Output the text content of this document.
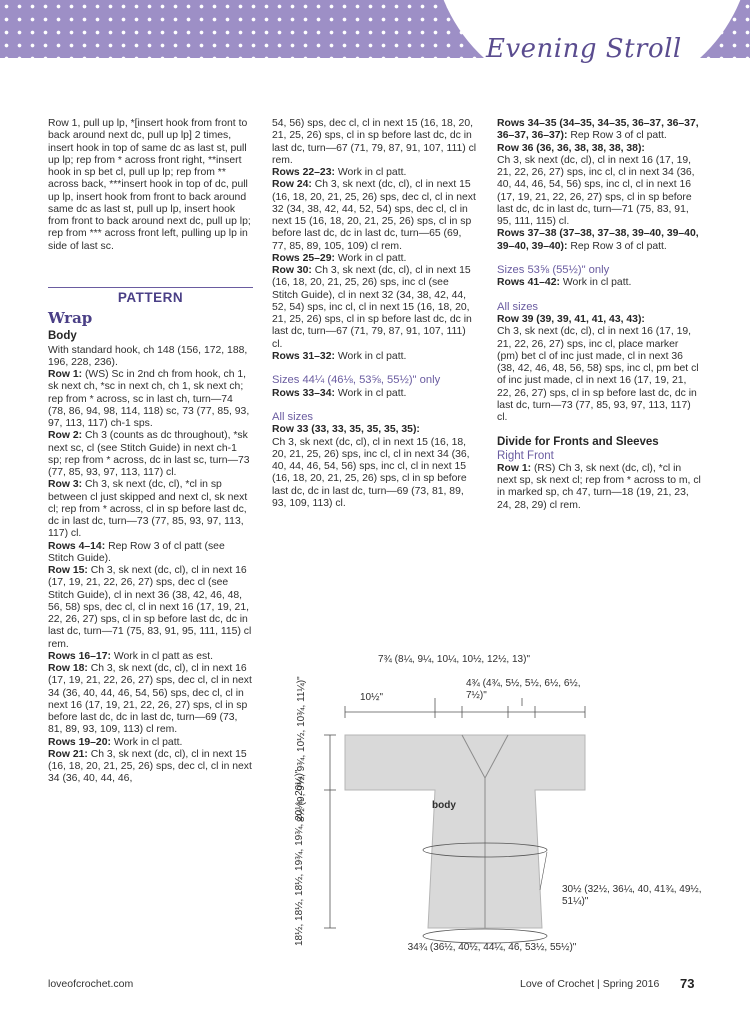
Evening Stroll

Row 1, pull up lp, *[insert hook from front to back around next dc, pull up lp] 2 times, insert hook in top of same dc as last st, pull up lp; rep from * across front right, **insert hook in sp bet cl, pull up lp; rep from ** across back, ***insert hook in top of dc, pull up lp, insert hook from front to back around same dc as last st, pull up lp, insert hook from front to back around next dc, pull up lp; rep from *** across front left, pulling up lp in side of last sc.

PATTERN
Wrap
Body

With standard hook, ch 148 (156, 172, 188, 196, 228, 236).

Row 1: (WS) Sc in 2nd ch from hook, ch 1, sk next ch, *sc in next ch, ch 1, sk next ch; rep from * across, sc in last ch, turn—74 (78, 86, 94, 98, 114, 118) sc, 73 (77, 85, 93, 97, 113, 117) ch-1 sps.

Row 2: Ch 3 (counts as dc throughout), *sk next sc, cl (see Stitch Guide) in next ch-1 sp; rep from * across, dc in last sc, turn—73 (77, 85, 93, 97, 113, 117) cl.

Row 3: Ch 3, sk next (dc, cl), *cl in sp between cl just skipped and next cl, sk next cl; rep from * across, cl in sp before last dc, dc in last dc, turn—73 (77, 85, 93, 97, 113, 117) cl.

Rows 4–14: Rep Row 3 of cl patt (see Stitch Guide).

Row 15: Ch 3, sk next (dc, cl), cl in next 16 (17, 19, 21, 22, 26, 27) sps, dec cl (see Stitch Guide), cl in next 36 (38, 42, 46, 48, 56, 58) sps, dec cl, cl in next 16 (17, 19, 21, 22, 26, 27) sps, cl in sp before last dc, dc in last dc, turn—71 (75, 83, 91, 95, 111, 115) cl rem.

Rows 16–17: Work in cl patt as est.

Row 18: Ch 3, sk next (dc, cl), cl in next 16 (17, 19, 21, 22, 26, 27) sps, dec cl, cl in next 34 (36, 40, 44, 46, 54, 56) sps, dec cl, cl in next 16 (17, 19, 21, 22, 26, 27) sps, cl in sp before last dc, dc in last dc, turn—69 (73, 81, 89, 93, 109, 113) cl rem.

Rows 19–20: Work in cl patt.

Row 21: Ch 3, sk next (dc, cl), cl in next 15 (16, 18, 20, 21, 25, 26) sps, dec cl, cl in next 34 (36, 40, 44, 46,

54, 56) sps, dec cl, cl in next 15 (16, 18, 20, 21, 25, 26) sps, cl in sp before last dc, dc in last dc, turn—67 (71, 79, 87, 91, 107, 111) cl rem.

Rows 22–23: Work in cl patt.

Row 24: Ch 3, sk next (dc, cl), cl in next 15 (16, 18, 20, 21, 25, 26) sps, dec cl, cl in next 32 (34, 38, 42, 44, 52, 54) sps, dec cl, cl in next 15 (16, 18, 20, 21, 25, 26) sps, cl in sp before last dc, dc in last dc, turn—65 (69, 77, 85, 89, 105, 109) cl rem.

Rows 25–29: Work in cl patt.

Row 30: Ch 3, sk next (dc, cl), cl in next 15 (16, 18, 20, 21, 25, 26) sps, inc cl (see Stitch Guide), cl in next 32 (34, 38, 42, 44, 52, 54) sps, inc cl, cl in next 15 (16, 18, 20, 21, 25, 26) sps, cl in sp before last dc, dc in last dc, turn—67 (71, 79, 87, 91, 107, 111) cl.

Rows 31–32: Work in cl patt.

Sizes 44¼ (46⅛, 53⅝, 55½)" only

Rows 33–34: Work in cl patt.

All sizes

Row 33 (33, 33, 35, 35, 35, 35):
Ch 3, sk next (dc, cl), cl in next 15 (16, 18, 20, 21, 25, 26) sps, inc cl, cl in next 34 (36, 40, 44, 46, 54, 56) sps, inc cl, cl in next 15 (16, 18, 20, 21, 25, 26) sps, cl in sp before last dc, dc in last dc, turn—69 (73, 81, 89, 93, 109, 113) cl.

Rows 34–35 (34–35, 34–35, 36–37, 36–37, 36–37, 36–37): Rep Row 3 of cl patt.

Row 36 (36, 36, 38, 38, 38, 38):
Ch 3, sk next (dc, cl), cl in next 16 (17, 19, 21, 22, 26, 27) sps, inc cl, cl in next 34 (36, 40, 44, 46, 54, 56) sps, inc cl, cl in next 16 (17, 19, 21, 22, 26, 27) sps, cl in sp before last dc, dc in last dc, turn—71 (75, 83, 91, 95, 111, 115) cl.

Rows 37–38 (37–38, 37–38, 39–40, 39–40, 39–40, 39–40): Rep Row 3 of cl patt.

Sizes 53⅝ (55½)" only

Rows 41–42: Work in cl patt.

All sizes

Row 39 (39, 39, 41, 41, 43, 43):
Ch 3, sk next (dc, cl), cl in next 16 (17, 19, 21, 22, 26, 27) sps, inc cl, place marker (pm) bet cl of inc just made, cl in next 36 (38, 42, 46, 48, 56, 58) sps, inc cl, pm bet cl of inc just made, cl in next 16 (17, 19, 21, 22, 26, 27) sps, cl in sp before last dc, dc in last dc, turn—73 (77, 85, 93, 97, 113, 117) cl.

Divide for Fronts and Sleeves
Right Front

Row 1: (RS) Ch 3, sk next (dc, cl), *cl in next sp, sk next cl; rep from * across to m, cl in marked sp, ch 47, turn—18 (19, 21, 23, 24, 28, 29) cl rem.

7¾ (8¼, 9¼, 10¼, 10½, 12½, 13)"
10½"
4¾ (4¾, 5½, 5½, 6½, 6½, 7½)"
body
30½ (32½, 36¼, 40, 41¾, 49½, 51¼)"
34¾ (36½, 40½, 44¼, 46, 53½, 55½)"
8½ (9, 9½, 9¾, 10½, 10¾, 11¼)"
18½, 18½, 18½, 19¾, 19¾, 20¼, 20¼)"
loveofcrochet.com	Love of Crochet | Spring 2016 73
